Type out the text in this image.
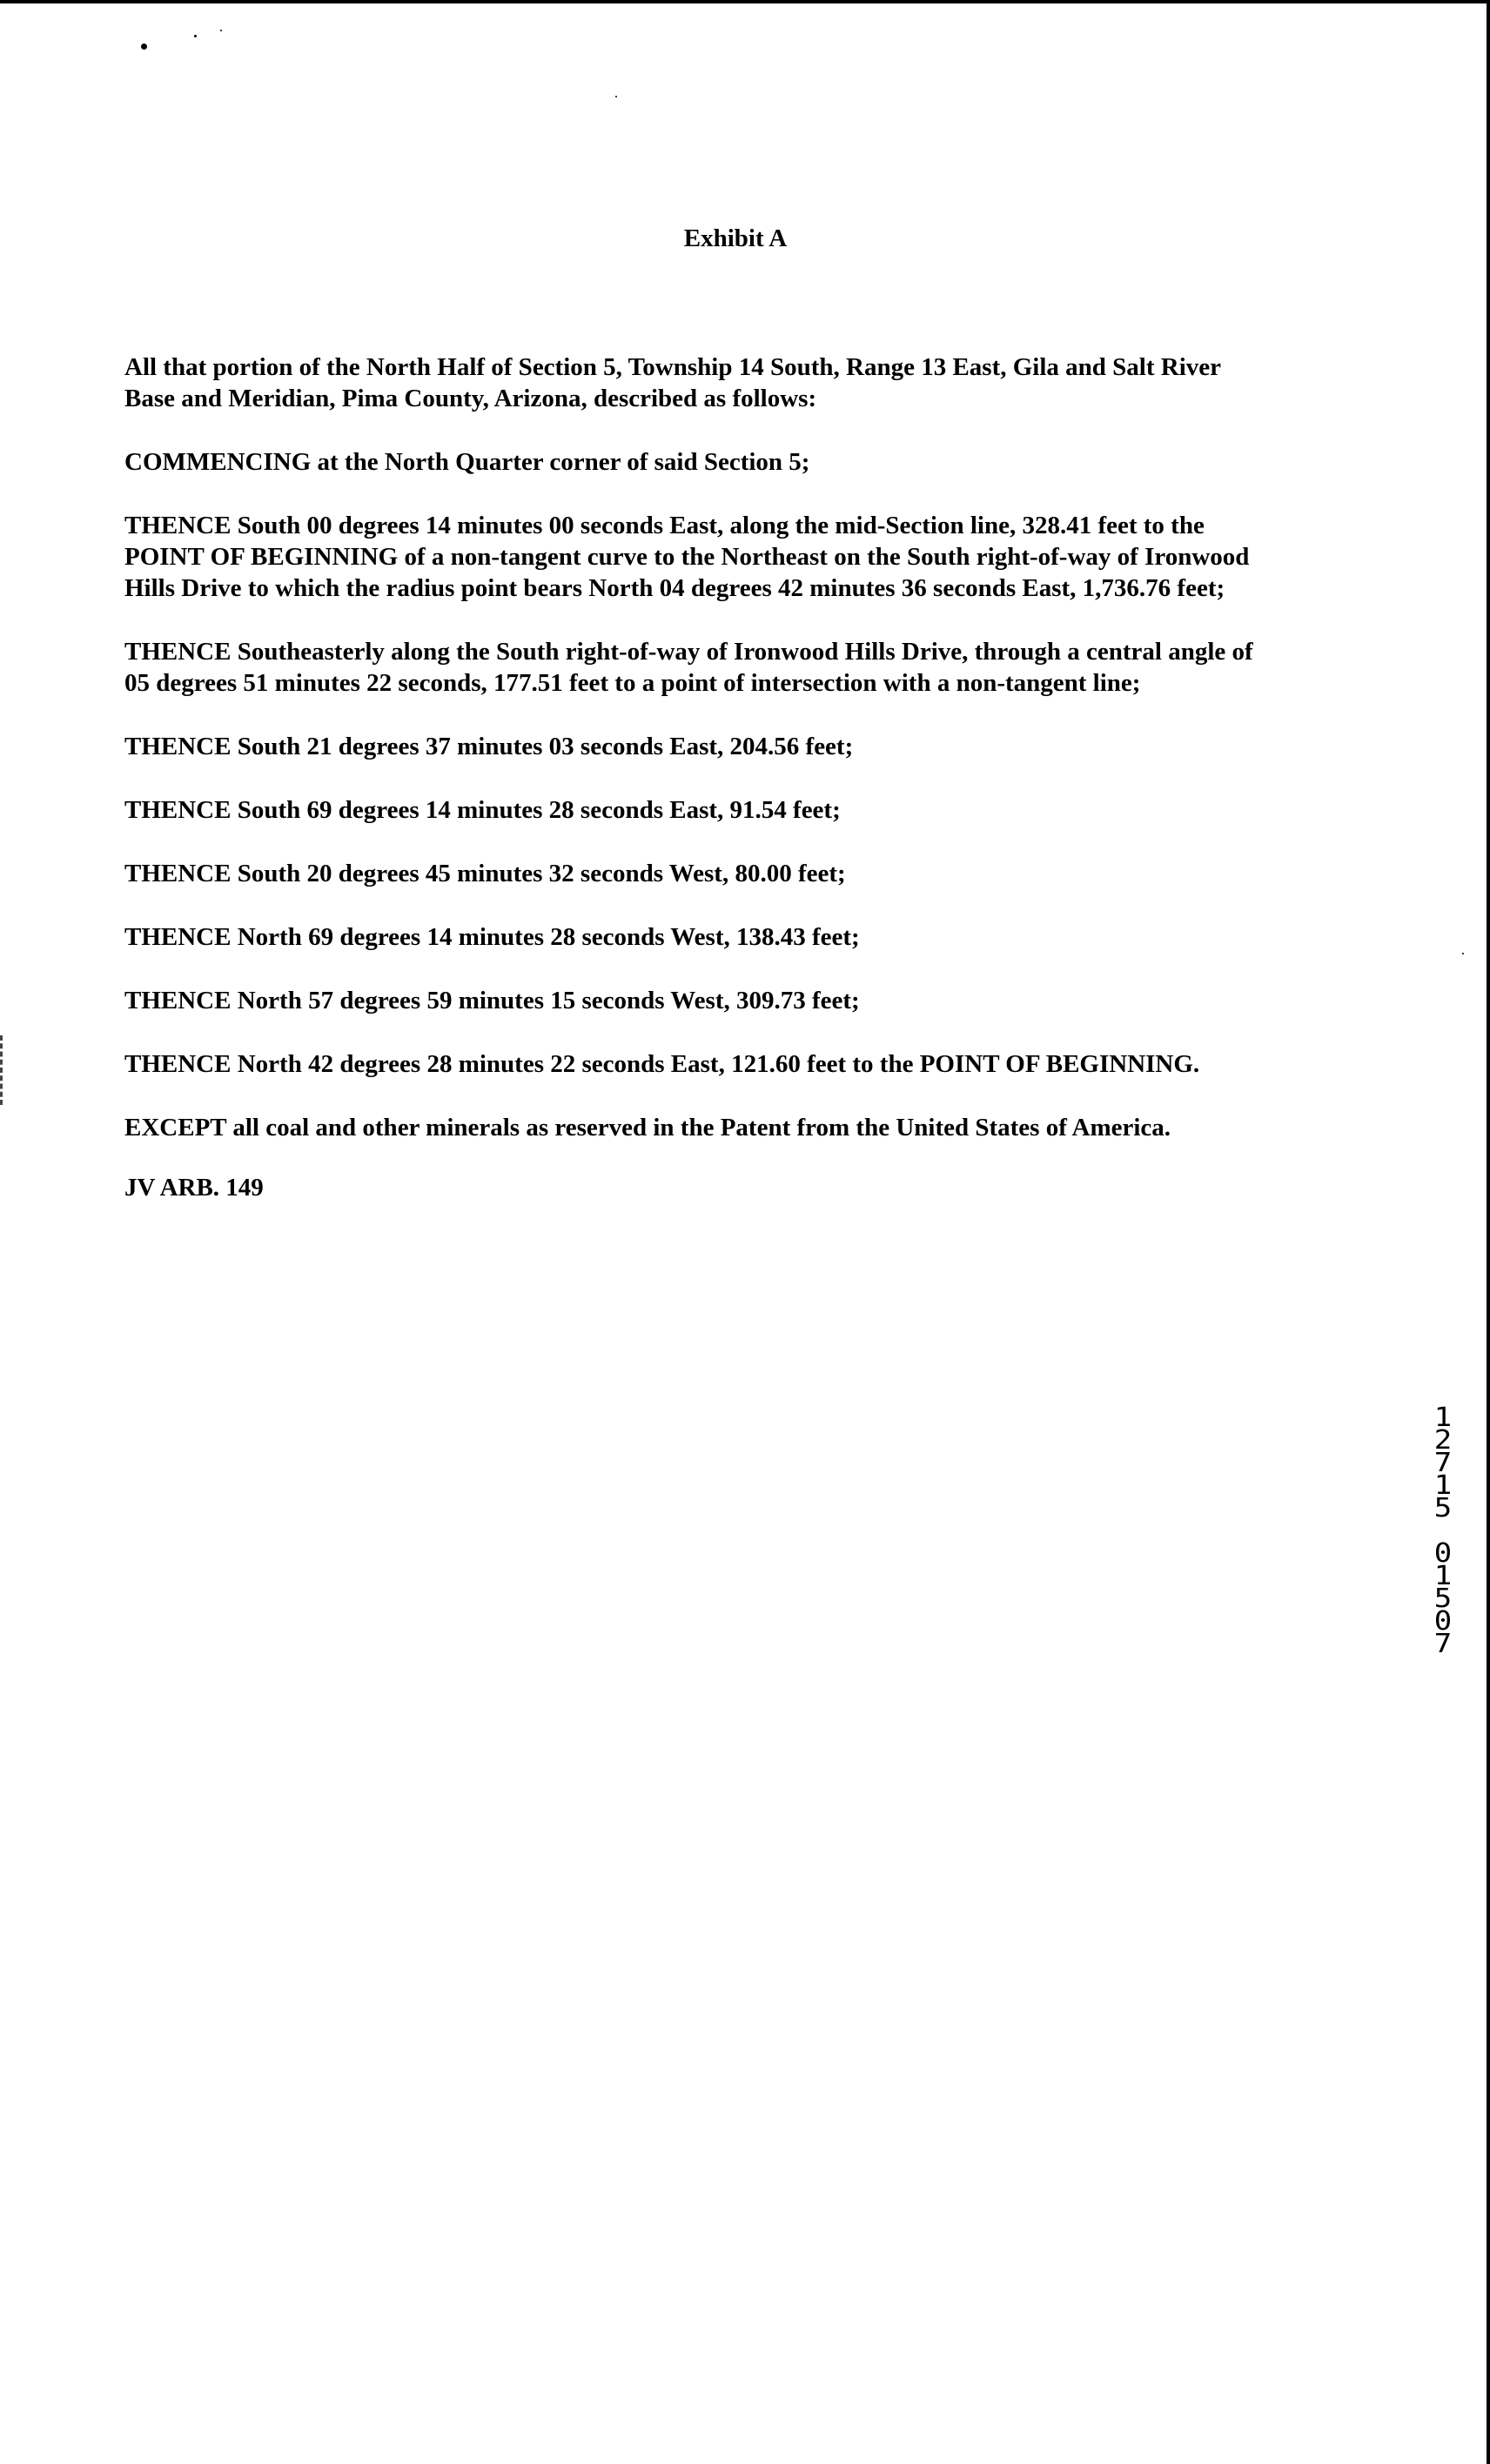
Exhibit A

All that portion of the North Half of Section 5, Township 14 South, Range 13 East, Gila and Salt River
Base and Meridian, Pima County, Arizona, described as follows:

COMMENCING at the North Quarter corner of said Section 5;

THENCE South 00 degrees 14 minutes 00 seconds East, along the mid-Section line, 328.41 feet to the
POINT OF BEGINNING of a non-tangent curve to the Northeast on the South right-of-way of Ironwood
Hills Drive to which the radius point bears North 04 degrees 42 minutes 36 seconds East, 1,736.76 feet;

THENCE Southeasterly along the South right-of-way of Ironwood Hills Drive, through a central angle of
05 degrees 51 minutes 22 seconds, 177.51 feet to a point of intersection with a non-tangent line;

THENCE South 21 degrees 37 minutes 03 seconds East, 204.56 feet;

THENCE South 69 degrees 14 minutes 28 seconds East, 91.54 feet;

THENCE South 20 degrees 45 minutes 32 seconds West, 80.00 feet;

THENCE North 69 degrees 14 minutes 28 seconds West, 138.43 feet;

THENCE North 57 degrees 59 minutes 15 seconds West, 309.73 feet;

THENCE North 42 degrees 28 minutes 22 seconds East, 121.60 feet to the POINT OF BEGINNING.

EXCEPT all coal and other minerals as reserved in the Patent from the United States of America.

JV ARB. 149

1
2
7
1
5
0
1
5
0
7
